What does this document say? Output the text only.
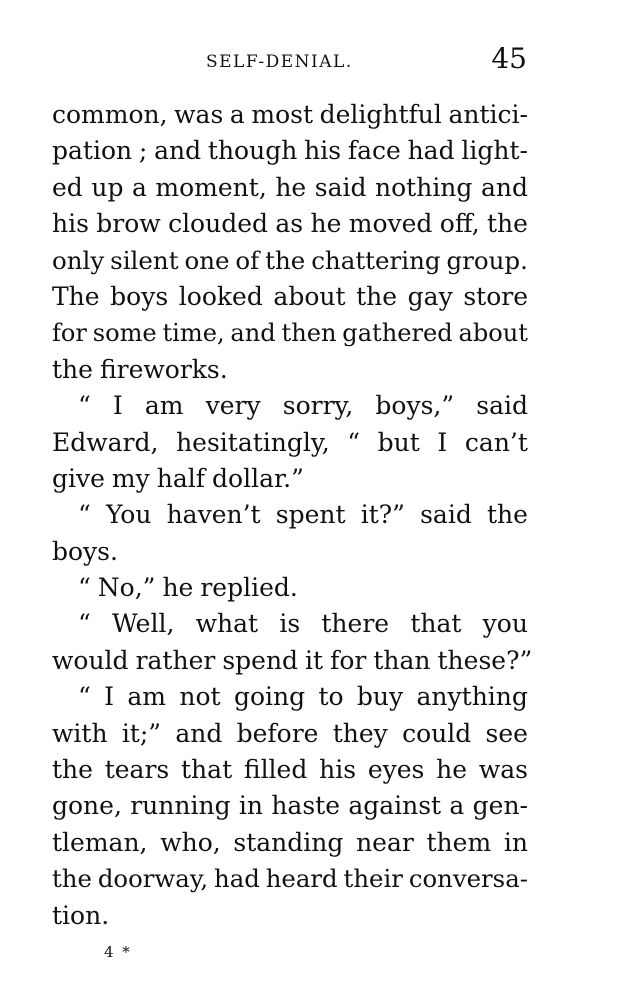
SELF-DENIAL.	45
common, was a most delightful antici-
pation ; and though his face had light-
ed up a moment, he said nothing and
his brow clouded as he moved off, the
only silent one of the chattering group.
The boys looked about the gay store
for some time, and then gathered about
the fireworks.
“ I am very sorry, boys,” said
Edward, hesitatingly, “ but I can’t
give my half dollar.”
“ You haven’t spent it?” said the
boys.
“ No,” he replied.
“ Well, what is there that you
would rather spend it for than these?”
“ I am not going to buy anything
with it;” and before they could see
the tears that filled his eyes he was
gone, running in haste against a gen-
tleman, who, standing near them in
the doorway, had heard their conversa-
tion.
4 *
